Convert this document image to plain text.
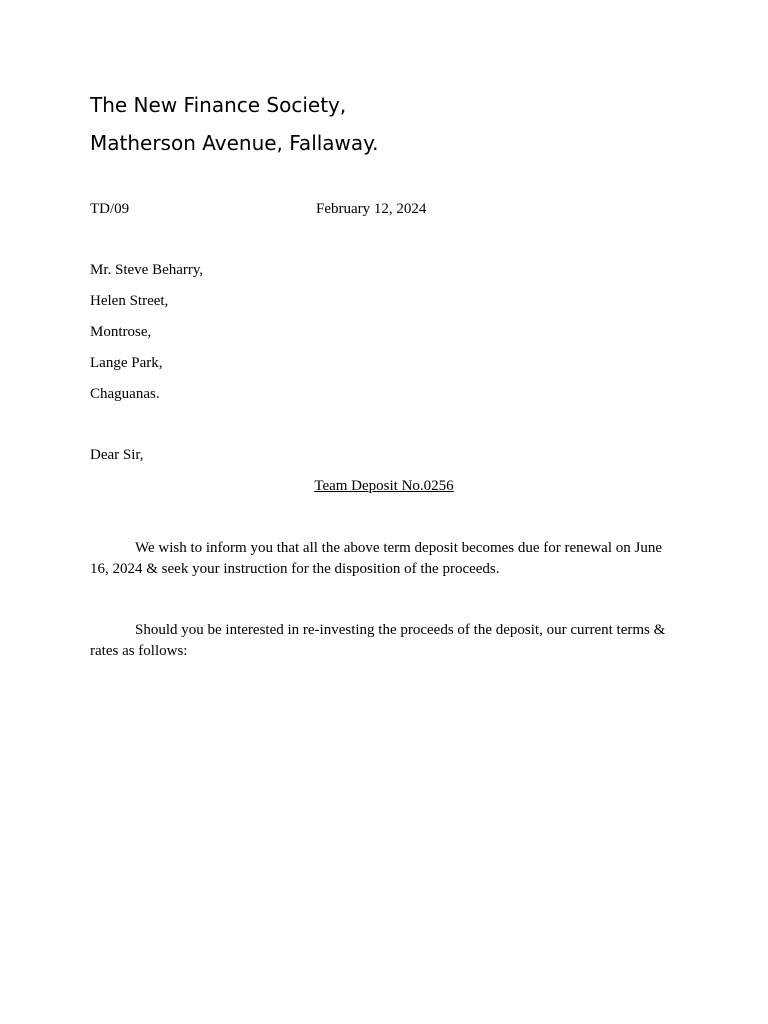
The New Finance Society,
Matherson Avenue, Fallaway.
TD/09	February 12, 2024
Mr. Steve Beharry,
Helen Street,
Montrose,
Lange Park,
Chaguanas.
Dear Sir,
Team Deposit No.0256
We wish to inform you that all the above term deposit becomes due for renewal on June 16, 2024 & seek your instruction for the disposition of the proceeds.
Should you be interested in re-investing the proceeds of the deposit, our current terms & rates as follows:
